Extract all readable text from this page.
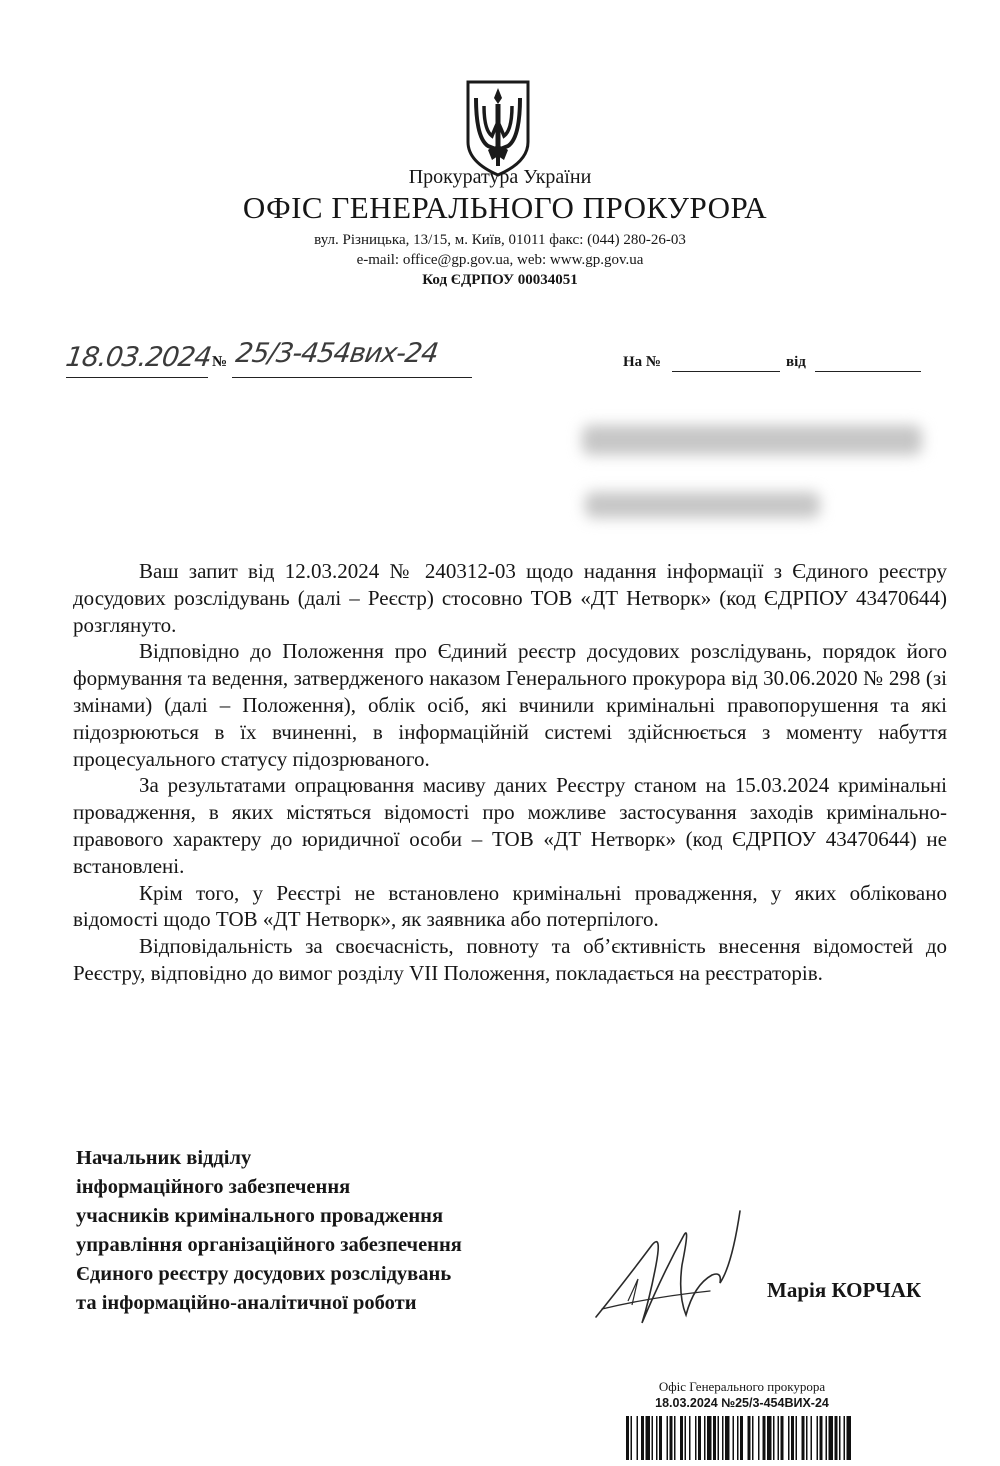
Прокуратура України
ОФІС ГЕНЕРАЛЬНОГО ПРОКУРОРА
вул. Різницька, 13/15, м. Київ, 01011 факс: (044) 280-26-03
e-mail: office@gp.gov.ua, web: www.gp.gov.ua
Код ЄДРПОУ 00034051
18.03.2024 № 25/3-454вих-24	На №	від

Ваш запит від 12.03.2024 № 240312-03 щодо надання інформації з Єдиного реєстру досудових розслідувань (далі – Реєстр) стосовно ТОВ «ДТ Нетворк» (код ЄДРПОУ 43470644) розглянуто.

Відповідно до Положення про Єдиний реєстр досудових розслідувань, порядок його формування та ведення, затвердженого наказом Генерального прокурора від 30.06.2020 № 298 (зі змінами) (далі – Положення), облік осіб, які вчинили кримінальні правопорушення та які підозрюються в їх вчиненні, в інформаційній системі здійснюється з моменту набуття процесуального статусу підозрюваного.

За результатами опрацювання масиву даних Реєстру станом на 15.03.2024 кримінальні провадження, в яких містяться відомості про можливе застосування заходів кримінально-правового характеру до юридичної особи – ТОВ «ДТ Нетворк» (код ЄДРПОУ 43470644) не встановлені.

Крім того, у Реєстрі не встановлено кримінальні провадження, у яких обліковано відомості щодо ТОВ «ДТ Нетворк», як заявника або потерпілого.

Відповідальність за своєчасність, повноту та об’єктивність внесення відомостей до Реєстру, відповідно до вимог розділу VII Положення, покладається на реєстраторів.

Начальник відділу
інформаційного забезпечення
учасників кримінального провадження
управління організаційного забезпечення
Єдиного реєстру досудових розслідувань
та інформаційно-аналітичної роботи
Марія КОРЧАК
Офіс Генерального прокурора
18.03.2024 №25/3-454ВИХ-24
